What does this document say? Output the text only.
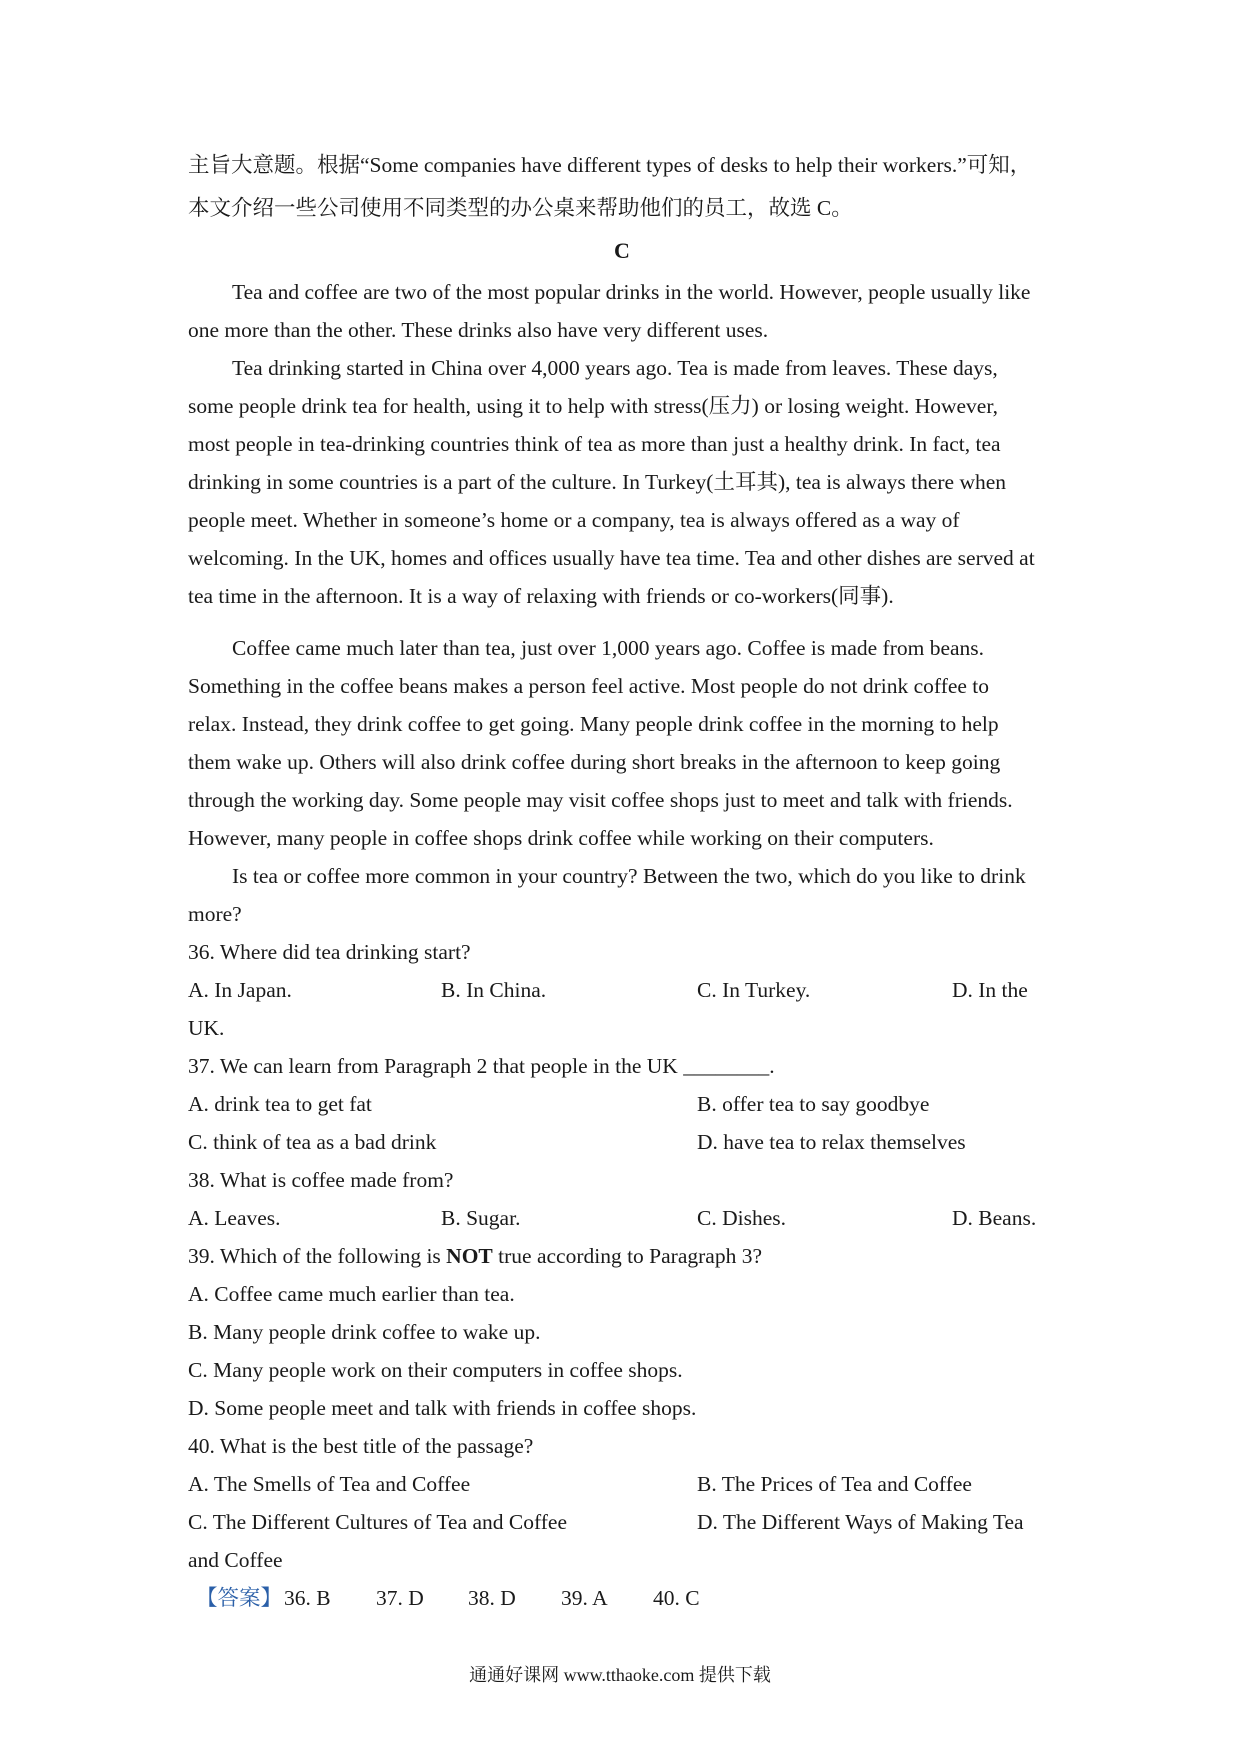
主旨大意题。根据“Some companies have different types of desks to help their workers.”可知，
本文介绍一些公司使用不同类型的办公桌来帮助他们的员工，故选 C。
C
Tea and coffee are two of the most popular drinks in the world. However, people usually like
one more than the other. These drinks also have very different uses.
Tea drinking started in China over 4,000 years ago. Tea is made from leaves. These days,
some people drink tea for health, using it to help with stress(压力) or losing weight. However,
most people in tea-drinking countries think of tea as more than just a healthy drink. In fact, tea
drinking in some countries is a part of the culture. In Turkey(土耳其), tea is always there when
people meet. Whether in someone’s home or a company, tea is always offered as a way of
welcoming. In the UK, homes and offices usually have tea time. Tea and other dishes are served at
tea time in the afternoon. It is a way of relaxing with friends or co-workers(同事).
Coffee came much later than tea, just over 1,000 years ago. Coffee is made from beans.
Something in the coffee beans makes a person feel active. Most people do not drink coffee to
relax. Instead, they drink coffee to get going. Many people drink coffee in the morning to help
them wake up. Others will also drink coffee during short breaks in the afternoon to keep going
through the working day. Some people may visit coffee shops just to meet and talk with friends.
However, many people in coffee shops drink coffee while working on their computers.
Is tea or coffee more common in your country? Between the two, which do you like to drink
more?
36. Where did tea drinking start?
A. In Japan.	B. In China.	C. In Turkey.	D. In the
UK.
37. We can learn from Paragraph 2 that people in the UK ________.
A. drink tea to get fat	B. offer tea to say goodbye
C. think of tea as a bad drink	D. have tea to relax themselves
38. What is coffee made from?
A. Leaves.	B. Sugar.	C. Dishes.	D. Beans.
39. Which of the following is NOT true according to Paragraph 3?
A. Coffee came much earlier than tea.
B. Many people drink coffee to wake up.
C. Many people work on their computers in coffee shops.
D. Some people meet and talk with friends in coffee shops.
40. What is the best title of the passage?
A. The Smells of Tea and Coffee	B. The Prices of Tea and Coffee
C. The Different Cultures of Tea and Coffee	D. The Different Ways of Making Tea
and Coffee
【答案】 36. B 37. D 38. D 39. A 40. C
通通好课网 www.tthaoke.com 提供下载
